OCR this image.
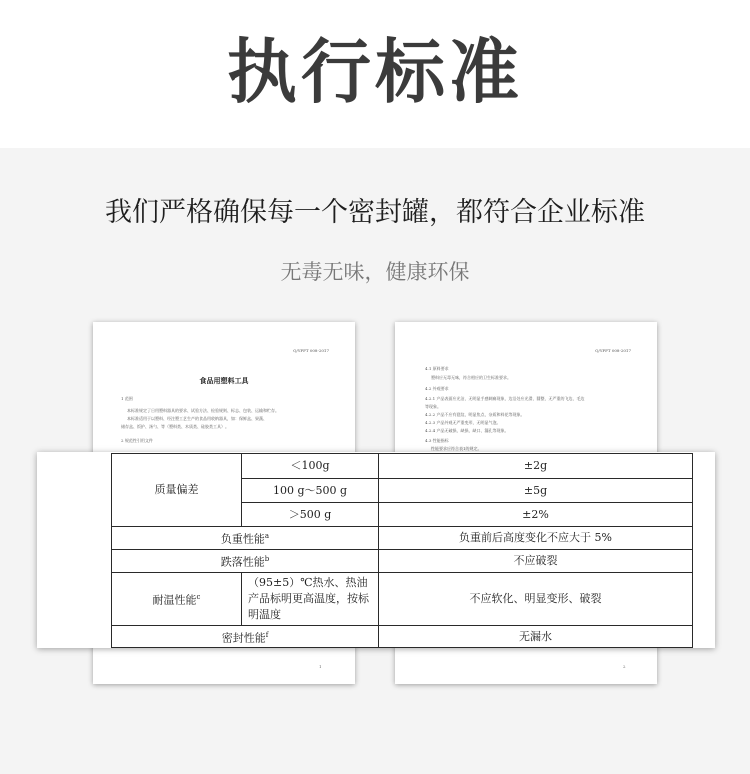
执行标准
我们严格确保每一个密封罐，都符合企业标准
无毒无味，健康环保
Q/YPFT 008-2017
食品用塑料工具
1 范围
本标准规定了日用塑料器具的要求、试验方法、检验规则、标志、包装、运输和贮存。
本标准适用于以塑料、经注塑工艺生产的食品用收纳器具，如：保鲜盒、果蔬、
储存盒、饭护、汤勺、等（塑料类、木质类、硅胶类工具）。
2 规范性引用文件
1
Q/YPFT 008-2017
4.1 原料要求
塑料应无毒无味，符合相应的卫生标准要求。
4.2 外观要求
4.2.1 产品表面应光洁，无明显手感刺痛现象，边沿处应光滑，圆整，无严重的飞边、毛边
等现象。
4.2.2 产品不应有裂纹、明显焦点、杂质和料花等现象。
4.2.3 产品外观无严重变形，无明显气泡。
4.2.4 产品无破损、缺损、缺口、漏孔等现象。
4.3 性能指标
性能要求应符合表1的规定。
2
质量偏差	＜100g	±2g
	100 g～500 g	±5g
	＞500 g	±2%
负重性能$^a$		负重前后高度变化不应大于 5%
跌落性能$^b$		不应破裂
耐温性能$^c$	（95±5）℃热水、热油产品标明更高温度，按标明温度	不应软化、明显变形、破裂
密封性能$^f$		无漏水
